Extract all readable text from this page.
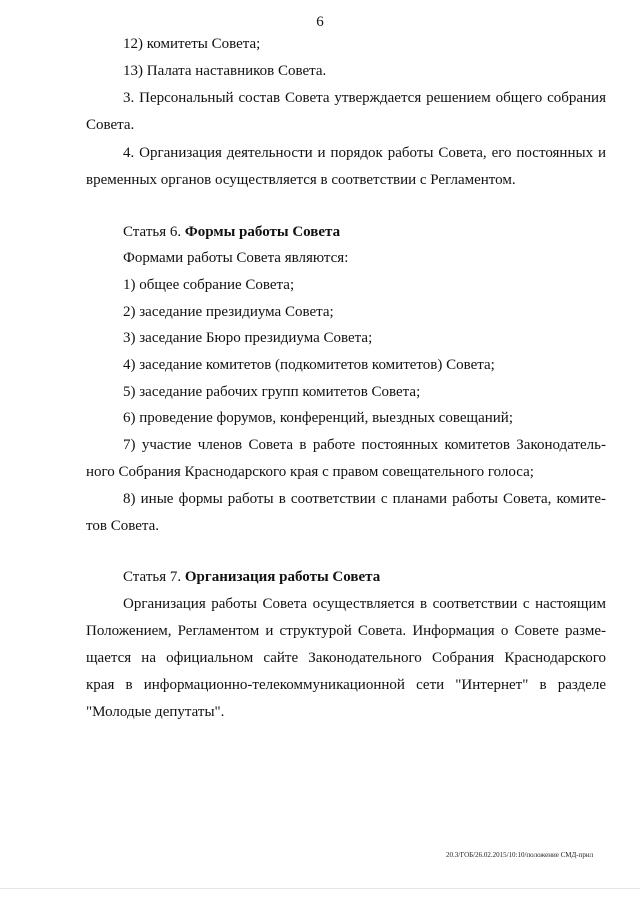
6
12) комитеты Совета;
13) Палата наставников Совета.
3. Персональный состав Совета утверждается решением общего собрания
Совета.
4. Организация деятельности и порядок работы Совета, его постоянных и
временных органов осуществляется в соответствии с Регламентом.
Статья 6. Формы работы Совета
Формами работы Совета являются:
1) общее собрание Совета;
2) заседание президиума Совета;
3) заседание Бюро президиума Совета;
4) заседание комитетов (подкомитетов комитетов) Совета;
5) заседание рабочих групп комитетов Совета;
6) проведение форумов, конференций, выездных совещаний;
7) участие членов Совета в работе постоянных комитетов Законодатель-
ного Собрания Краснодарского края с правом совещательного голоса;
8) иные формы работы в соответствии с планами работы Совета, комите-
тов Совета.
Статья 7. Организация работы Совета
Организация работы Совета осуществляется в соответствии с настоящим
Положением, Регламентом и структурой Совета. Информация о Совете разме-
щается на официальном сайте Законодательного Собрания Краснодарского
края в информационно-телекоммуникационной сети "Интернет" в разделе
"Молодые депутаты".
20.3/ГОБ/26.02.2015/10:10/положение СМД-прил
